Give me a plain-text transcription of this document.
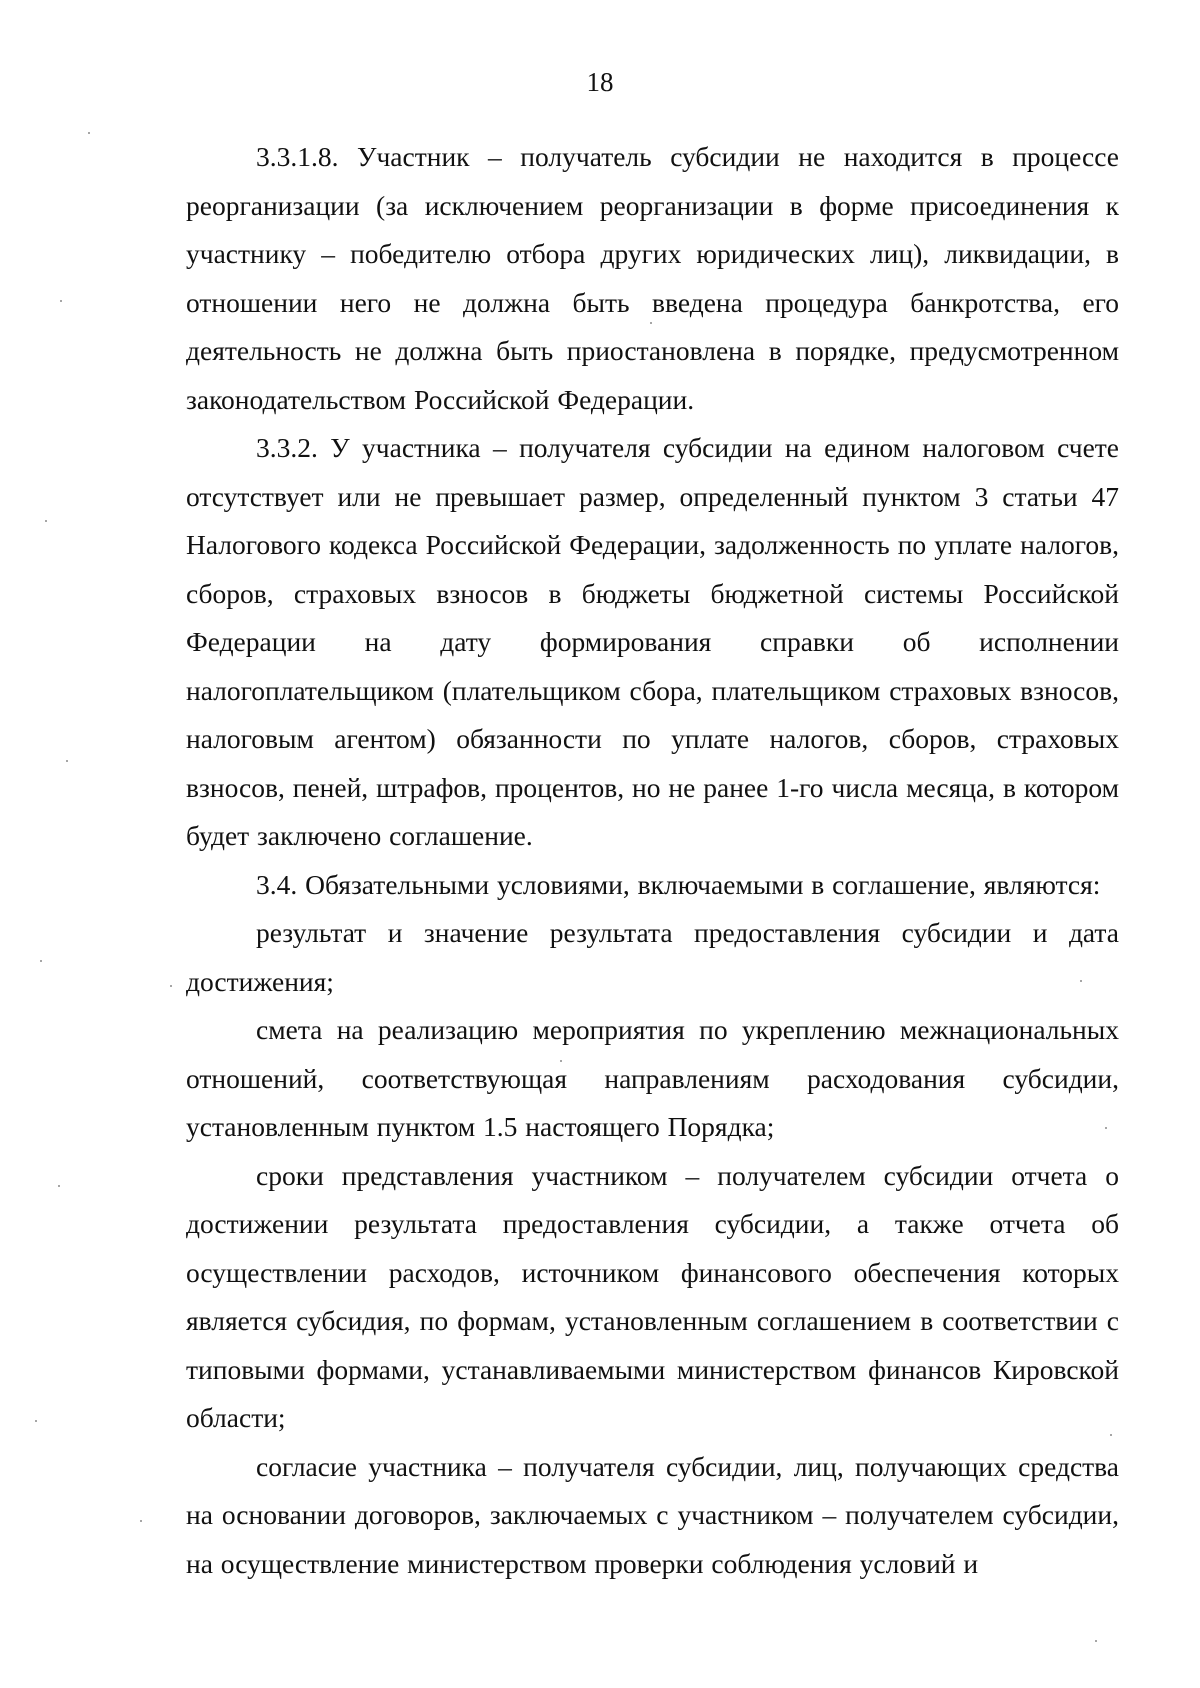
18

3.3.1.8. Участник – получатель субсидии не находится в процессе реорганизации (за исключением реорганизации в форме присоединения к участнику – победителю отбора других юридических лиц), ликвидации, в отношении него не должна быть введена процедура банкротства, его деятельность не должна быть приостановлена в порядке, предусмотренном законодательством Российской Федерации.

3.3.2. У участника – получателя субсидии на едином налоговом счете отсутствует или не превышает размер, определенный пунктом 3 статьи 47 Налогового кодекса Российской Федерации, задолженность по уплате налогов, сборов, страховых взносов в бюджеты бюджетной системы Российской Федерации на дату формирования справки об исполнении налогоплательщиком (плательщиком сбора, плательщиком страховых взносов, налоговым агентом) обязанности по уплате налогов, сборов, страховых взносов, пеней, штрафов, процентов, но не ранее 1-го числа месяца, в котором будет заключено соглашение.

3.4. Обязательными условиями, включаемыми в соглашение, являются:

результат и значение результата предоставления субсидии и дата достижения;

смета на реализацию мероприятия по укреплению межнациональных отношений, соответствующая направлениям расходования субсидии, установленным пунктом 1.5 настоящего Порядка;

сроки представления участником – получателем субсидии отчета о достижении результата предоставления субсидии, а также отчета об осуществлении расходов, источником финансового обеспечения которых является субсидия, по формам, установленным соглашением в соответствии с типовыми формами, устанавливаемыми министерством финансов Кировской области;

согласие участника – получателя субсидии, лиц, получающих средства на основании договоров, заключаемых с участником – получателем субсидии, на осуществление министерством проверки соблюдения условий и
